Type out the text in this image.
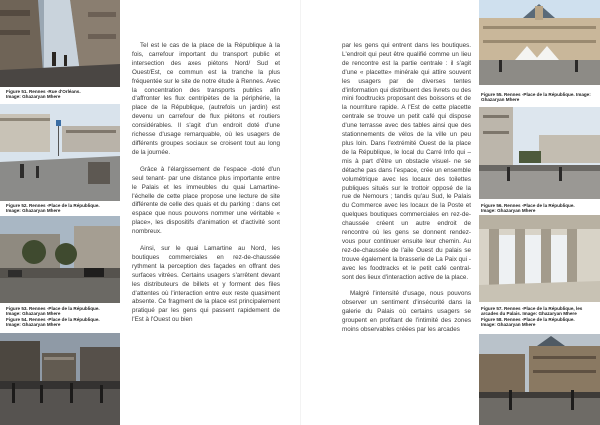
Figure 51. Rennes -Rue d'Orléans.
Image: Ghazaryan Mhere
Figure 52. Rennes -Place de la République.
Image: Ghazaryan Mhere
Figure 53. Rennes -Place de la République.
Image: Ghazaryan Mhere
Figure 54. Rennes -Place de la République.
Image: Ghazaryan Mhere

Tel est le cas de la place de la République à la fois, carrefour important du transport public et intersection des axes piétons Nord/ Sud et Ouest/Est, ce commun est la tranche la plus fréquentée sur le site de notre étude à Rennes. Avec la concentration des transports publics afin d'affronter les flux centripètes de la périphérie, la place de la République, (autrefois un jardin) est devenu un carrefour de flux piétons et routiers considérables. Il s'agit d'un endroit doté d'une richesse d'usage remarquable, où les usagers de différents groupes sociaux se croisent tout au long de la journée.

Grâce à l'élargissement de l'espace -doté d'un seul tenant- par une distance plus importante entre le Palais et les immeubles du quai Lamartine- l'échelle de cette place propose une lecture de site différente de celle des quais et du parking : dans cet espace que nous pouvons nommer une véritable « place», les dispositifs d'animation et d'activité sont nombreux.

Ainsi, sur le quai Lamartine au Nord, les boutiques commerciales en rez-de-chaussée rythment la perception des façades en offrant des surfaces vitrées. Certains usagers s'arrêtent devant les distributeurs de billets et y forment des files d'attentes où l'interaction entre eux reste quasiment absente. Ce fragment de la place est principalement pratiqué par les gens qui passent rapidement de l'Est à l'Ouest ou bien

par les gens qui entrent dans les boutiques. L'endroit qui peut être qualifié comme un lieu de rencontre est la partie centrale : il s'agit d'une « placette» minérale qui attire souvent les usagers par de diverses tentes d'information qui distribuent des livrets ou des mini foodtrucks proposant des boissons et de la nourriture rapide. A l'Est de cette placette centrale se trouve un petit café qui dispose d'une terrasse avec des tables ainsi que des stationnements de vélos de la ville un peu plus loin. Dans l'extrémité Ouest de la place de la République, le local du Carré Info qui –mis à part d'être un obstacle visuel- ne se détache pas dans l'espace, crée un ensemble volumétrique avec les locaux des toilettes publiques situés sur le trottoir opposé de la rue de Nemours ; tandis qu'au Sud, le Palais du Commerce avec les locaux de la Poste et quelques boutiques commerciales en rez-de-chaussée créent un autre endroit de rencontre où les gens se donnent rendez-vous pour continuer ensuite leur chemin. Au rez-de-chaussée de l'aile Ouest du palais se trouve également la brasserie de La Paix qui -avec les foodtracks et le petit café central- sont des lieux d'interaction active de la place.

Malgré l'intensité d'usage, nous pouvons observer un sentiment d'insécurité dans la galerie du Palais où certains usagers se groupent en profitant de l'intimité des zones moins observables créées par les arcades

Figure 55. Rennes -Place de la République. Image:
Ghazaryan Mhere
Figure 56. Rennes -Place de la République.
Image: Ghazaryan Mhere
Figure 57. Rennes -Place de la République, les
arcades du Palais. Image: Ghazaryan Mhere
Figure 58. Rennes -Place de la République.
Image: Ghazaryan Mhere
